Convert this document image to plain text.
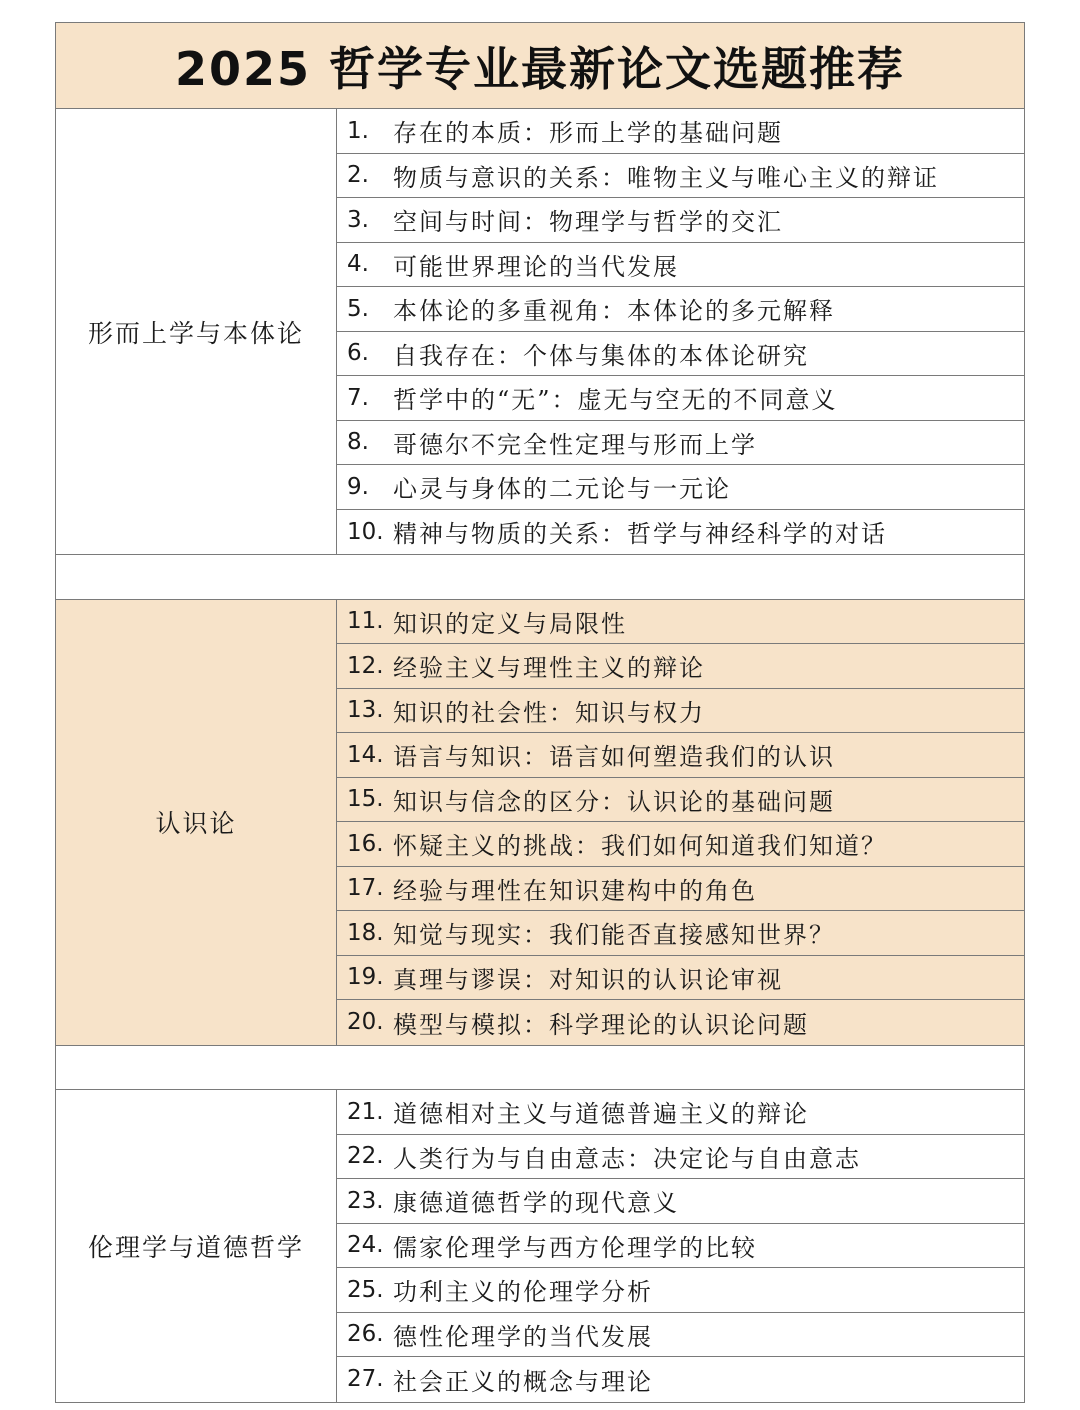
2025 哲学专业最新论文选题推荐
形而上学与本体论
1.	存在的本质：形而上学的基础问题
2.	物质与意识的关系：唯物主义与唯心主义的辩证
3.	空间与时间：物理学与哲学的交汇
4.	可能世界理论的当代发展
5.	本体论的多重视角：本体论的多元解释
6.	自我存在：个体与集体的本体论研究
7.	哲学中的“无”：虚无与空无的不同意义
8.	哥德尔不完全性定理与形而上学
9.	心灵与身体的二元论与一元论
10. 精神与物质的关系：哲学与神经科学的对话
认识论
11. 知识的定义与局限性
12. 经验主义与理性主义的辩论
13. 知识的社会性：知识与权力
14. 语言与知识：语言如何塑造我们的认识
15. 知识与信念的区分：认识论的基础问题
16. 怀疑主义的挑战：我们如何知道我们知道？
17. 经验与理性在知识建构中的角色
18. 知觉与现实：我们能否直接感知世界？
19. 真理与谬误：对知识的认识论审视
20. 模型与模拟：科学理论的认识论问题
伦理学与道德哲学
21. 道德相对主义与道德普遍主义的辩论
22. 人类行为与自由意志：决定论与自由意志
23. 康德道德哲学的现代意义
24. 儒家伦理学与西方伦理学的比较
25. 功利主义的伦理学分析
26. 德性伦理学的当代发展
27. 社会正义的概念与理论
